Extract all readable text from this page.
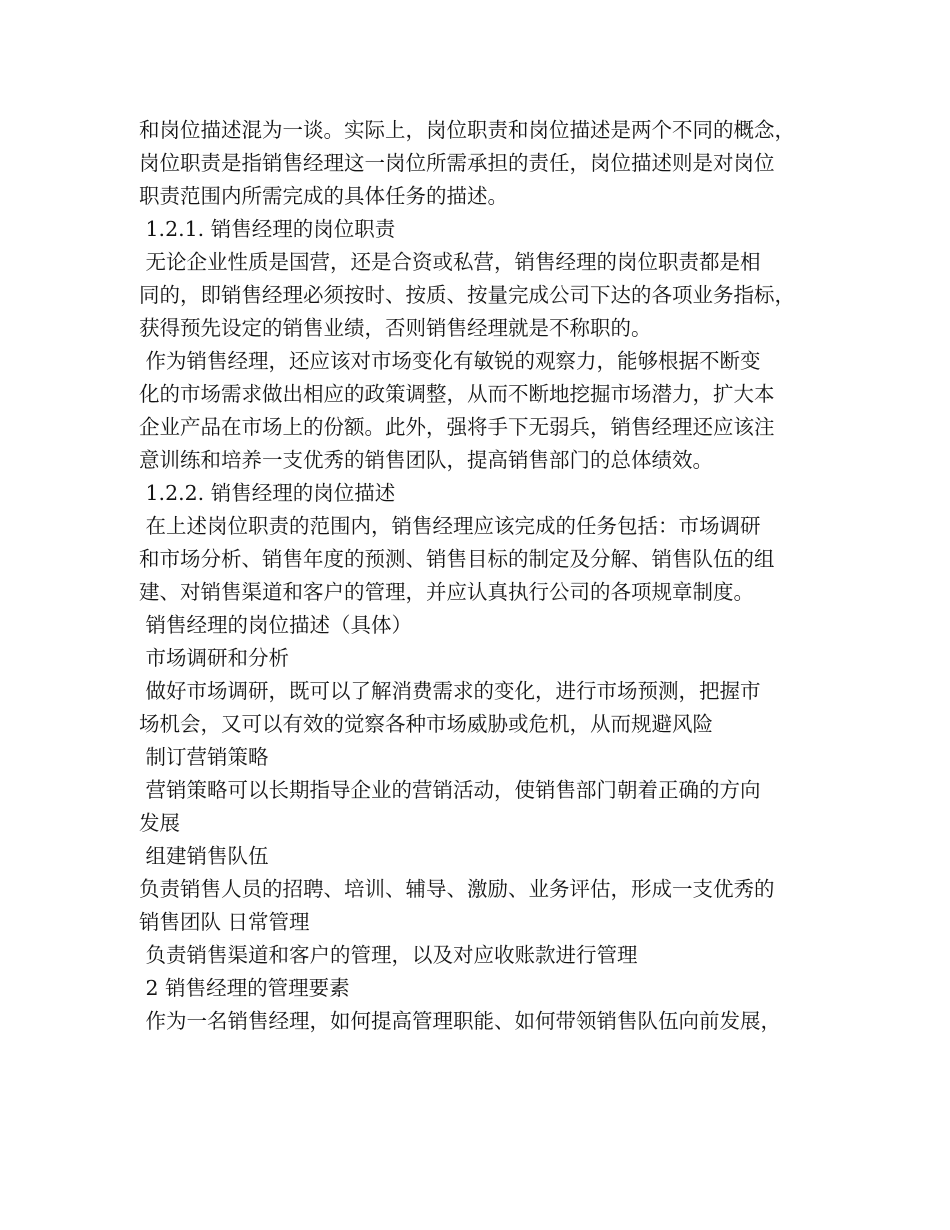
和岗位描述混为一谈。实际上，岗位职责和岗位描述是两个不同的概念，
岗位职责是指销售经理这一岗位所需承担的责任，岗位描述则是对岗位
职责范围内所需完成的具体任务的描述。
1.2.1. 销售经理的岗位职责
无论企业性质是国营，还是合资或私营，销售经理的岗位职责都是相
同的，即销售经理必须按时、按质、按量完成公司下达的各项业务指标，
获得预先设定的销售业绩，否则销售经理就是不称职的。
作为销售经理，还应该对市场变化有敏锐的观察力，能够根据不断变
化的市场需求做出相应的政策调整，从而不断地挖掘市场潜力，扩大本
企业产品在市场上的份额。此外，强将手下无弱兵，销售经理还应该注
意训练和培养一支优秀的销售团队，提高销售部门的总体绩效。
1.2.2. 销售经理的岗位描述
在上述岗位职责的范围内，销售经理应该完成的任务包括：市场调研
和市场分析、销售年度的预测、销售目标的制定及分解、销售队伍的组
建、对销售渠道和客户的管理，并应认真执行公司的各项规章制度。
销售经理的岗位描述（具体）
市场调研和分析
做好市场调研，既可以了解消费需求的变化，进行市场预测，把握市
场机会，又可以有效的觉察各种市场威胁或危机，从而规避风险
制订营销策略
营销策略可以长期指导企业的营销活动，使销售部门朝着正确的方向
发展
组建销售队伍
负责销售人员的招聘、培训、辅导、激励、业务评估，形成一支优秀的
销售团队 日常管理
负责销售渠道和客户的管理，以及对应收账款进行管理
2 销售经理的管理要素
作为一名销售经理，如何提高管理职能、如何带领销售队伍向前发展，
